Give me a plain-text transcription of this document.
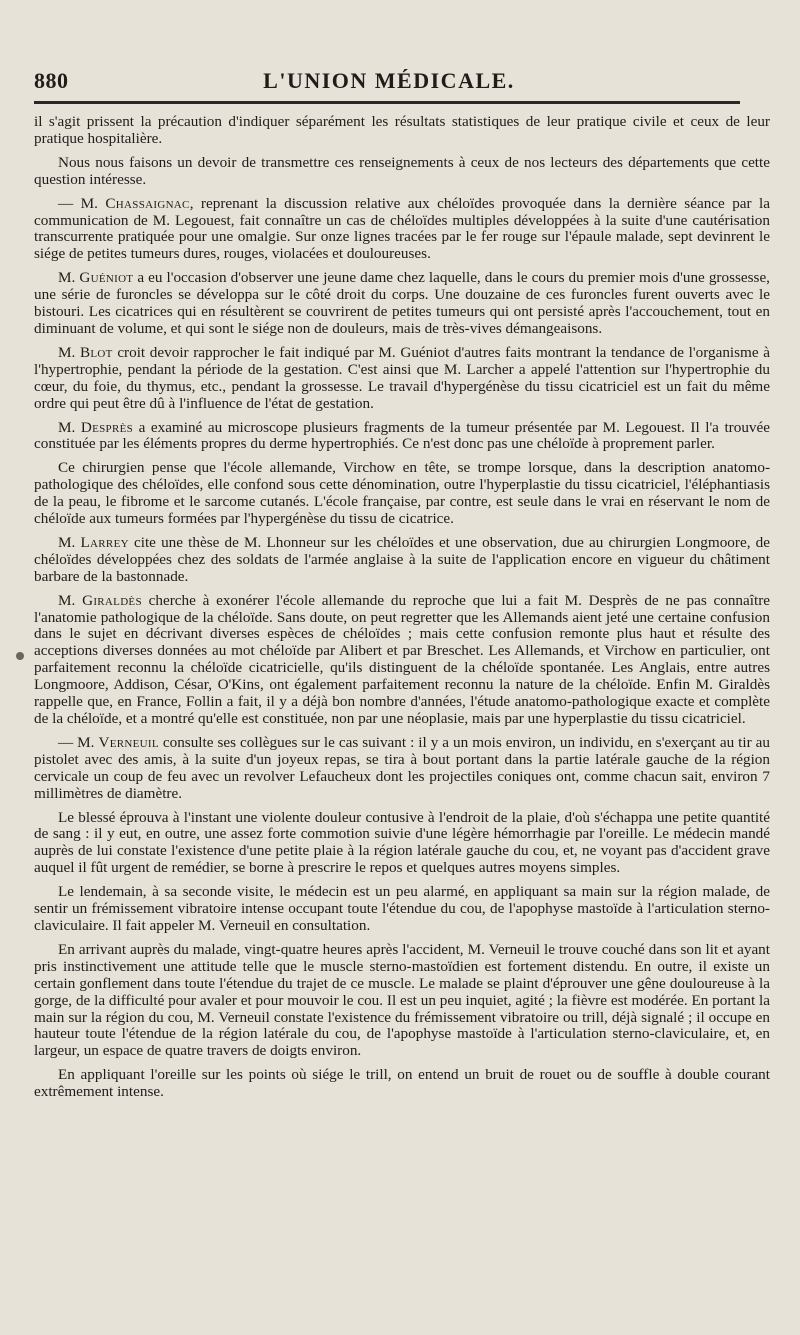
880	L'UNION MÉDICALE.

il s'agit prissent la précaution d'indiquer séparément les résultats statistiques de leur pratique civile et ceux de leur pratique hospitalière.

Nous nous faisons un devoir de transmettre ces renseignements à ceux de nos lecteurs des départements que cette question intéresse.

— M. Chassaignac, reprenant la discussion relative aux chéloïdes provoquée dans la dernière séance par la communication de M. Legouest, fait connaître un cas de chéloïdes multiples développées à la suite d'une cautérisation transcurrente pratiquée pour une omalgie. Sur onze lignes tracées par le fer rouge sur l'épaule malade, sept devinrent le siége de petites tumeurs dures, rouges, violacées et douloureuses.

M. Guéniot a eu l'occasion d'observer une jeune dame chez laquelle, dans le cours du premier mois d'une grossesse, une série de furoncles se développa sur le côté droit du corps. Une douzaine de ces furoncles furent ouverts avec le bistouri. Les cicatrices qui en résultèrent se couvrirent de petites tumeurs qui ont persisté après l'accouchement, tout en diminuant de volume, et qui sont le siége non de douleurs, mais de très-vives démangeaisons.

M. Blot croit devoir rapprocher le fait indiqué par M. Guéniot d'autres faits montrant la tendance de l'organisme à l'hypertrophie, pendant la période de la gestation. C'est ainsi que M. Larcher a appelé l'attention sur l'hypertrophie du cœur, du foie, du thymus, etc., pendant la grossesse. Le travail d'hypergénèse du tissu cicatriciel est un fait du même ordre qui peut être dû à l'influence de l'état de gestation.

M. Desprès a examiné au microscope plusieurs fragments de la tumeur présentée par M. Legouest. Il l'a trouvée constituée par les éléments propres du derme hypertrophiés. Ce n'est donc pas une chéloïde à proprement parler.

Ce chirurgien pense que l'école allemande, Virchow en tête, se trompe lorsque, dans la description anatomo-pathologique des chéloïdes, elle confond sous cette dénomination, outre l'hyperplastie du tissu cicatriciel, l'éléphantiasis de la peau, le fibrome et le sarcome cutanés. L'école française, par contre, est seule dans le vrai en réservant le nom de chéloïde aux tumeurs formées par l'hypergénèse du tissu de cicatrice.

M. Larrey cite une thèse de M. Lhonneur sur les chéloïdes et une observation, due au chirurgien Longmoore, de chéloïdes développées chez des soldats de l'armée anglaise à la suite de l'application encore en vigueur du châtiment barbare de la bastonnade.

M. Giraldès cherche à exonérer l'école allemande du reproche que lui a fait M. Desprès de ne pas connaître l'anatomie pathologique de la chéloïde. Sans doute, on peut regretter que les Allemands aient jeté une certaine confusion dans le sujet en décrivant diverses espèces de chéloïdes ; mais cette confusion remonte plus haut et résulte des acceptions diverses données au mot chéloïde par Alibert et par Breschet. Les Allemands, et Virchow en particulier, ont parfaitement reconnu la chéloïde cicatricielle, qu'ils distinguent de la chéloïde spontanée. Les Anglais, entre autres Longmoore, Addison, César, O'Kins, ont également parfaitement reconnu la nature de la chéloïde. Enfin M. Giraldès rappelle que, en France, Follin a fait, il y a déjà bon nombre d'années, l'étude anatomo-pathologique exacte et complète de la chéloïde, et a montré qu'elle est constituée, non par une néoplasie, mais par une hyperplastie du tissu cicatriciel.

— M. Verneuil consulte ses collègues sur le cas suivant : il y a un mois environ, un individu, en s'exerçant au tir au pistolet avec des amis, à la suite d'un joyeux repas, se tira à bout portant dans la partie latérale gauche de la région cervicale un coup de feu avec un revolver Lefaucheux dont les projectiles coniques ont, comme chacun sait, environ 7 millimètres de diamètre.

Le blessé éprouva à l'instant une violente douleur contusive à l'endroit de la plaie, d'où s'échappa une petite quantité de sang : il y eut, en outre, une assez forte commotion suivie d'une légère hémorrhagie par l'oreille. Le médecin mandé auprès de lui constate l'existence d'une petite plaie à la région latérale gauche du cou, et, ne voyant pas d'accident grave auquel il fût urgent de remédier, se borne à prescrire le repos et quelques autres moyens simples.

Le lendemain, à sa seconde visite, le médecin est un peu alarmé, en appliquant sa main sur la région malade, de sentir un frémissement vibratoire intense occupant toute l'étendue du cou, de l'apophyse mastoïde à l'articulation sterno-claviculaire. Il fait appeler M. Verneuil en consultation.

En arrivant auprès du malade, vingt-quatre heures après l'accident, M. Verneuil le trouve couché dans son lit et ayant pris instinctivement une attitude telle que le muscle sterno-mastoïdien est fortement distendu. En outre, il existe un certain gonflement dans toute l'étendue du trajet de ce muscle. Le malade se plaint d'éprouver une gêne douloureuse à la gorge, de la difficulté pour avaler et pour mouvoir le cou. Il est un peu inquiet, agité ; la fièvre est modérée. En portant la main sur la région du cou, M. Verneuil constate l'existence du frémissement vibratoire ou trill, déjà signalé ; il occupe en hauteur toute l'étendue de la région latérale du cou, de l'apophyse mastoïde à l'articulation sterno-claviculaire, et, en largeur, un espace de quatre travers de doigts environ.

En appliquant l'oreille sur les points où siége le trill, on entend un bruit de rouet ou de souffle à double courant extrêmement intense.
